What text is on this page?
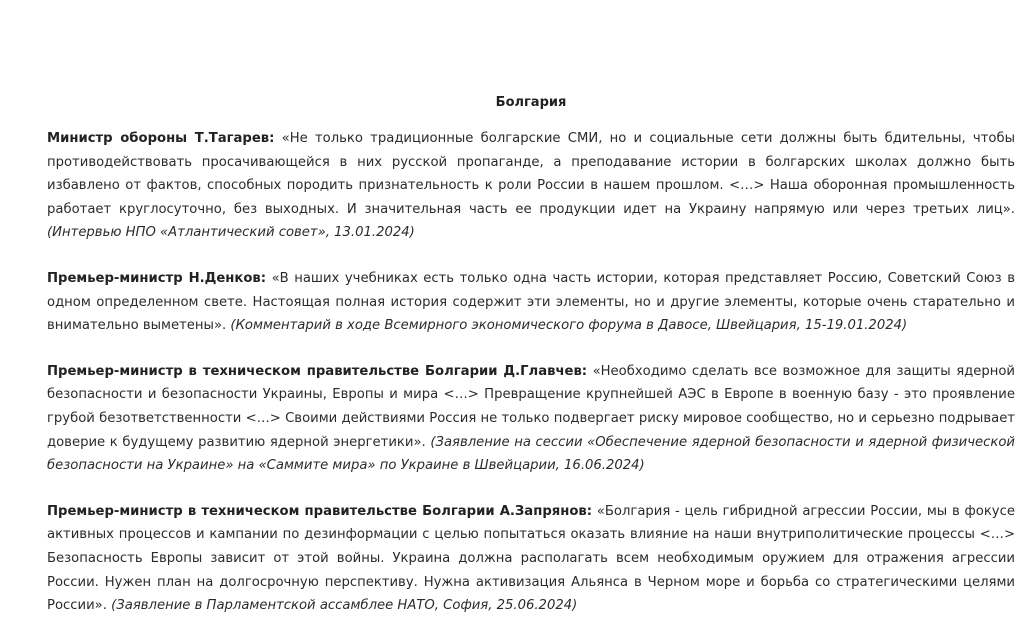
Болгария

Министр обороны Т.Тагарев: «Не только традиционные болгарские СМИ, но и социальные сети должны быть бдительны, чтобы противодействовать просачивающейся в них русской пропаганде, а преподавание истории в болгарских школах должно быть избавлено от фактов, способных породить признательность к роли России в нашем прошлом. <…> Наша оборонная промышленность работает круглосуточно, без выходных. И значительная часть ее продукции идет на Украину напрямую или через третьих лиц». (Интервью НПО «Атлантический совет», 13.01.2024)

Премьер-министр Н.Денков: «В наших учебниках есть только одна часть истории, которая представляет Россию, Советский Союз в одном определенном свете. Настоящая полная история содержит эти элементы, но и другие элементы, которые очень старательно и внимательно выметены». (Комментарий в ходе Всемирного экономического форума в Давосе, Швейцария, 15-19.01.2024)

Премьер-министр в техническом правительстве Болгарии Д.Главчев: «Необходимо сделать все возможное для защиты ядерной безопасности и безопасности Украины, Европы и мира <…> Превращение крупнейшей АЭС в Европе в военную базу - это проявление грубой безответственности <…> Своими действиями Россия не только подвергает риску мировое сообщество, но и серьезно подрывает доверие к будущему развитию ядерной энергетики». (Заявление на сессии «Обеспечение ядерной безопасности и ядерной физической безопасности на Украине» на «Саммите мира» по Украине в Швейцарии, 16.06.2024)

Премьер-министр в техническом правительстве Болгарии А.Запрянов: «Болгария - цель гибридной агрессии России, мы в фокусе активных процессов и кампании по дезинформации с целью попытаться оказать влияние на наши внутриполитические процессы <…> Безопасность Европы зависит от этой войны. Украина должна располагать всем необходимым оружием для отражения агрессии России. Нужен план на долгосрочную перспективу. Нужна активизация Альянса в Черном море и борьба со стратегическими целями России». (Заявление в Парламентской ассамблее НАТО, София, 25.06.2024)
